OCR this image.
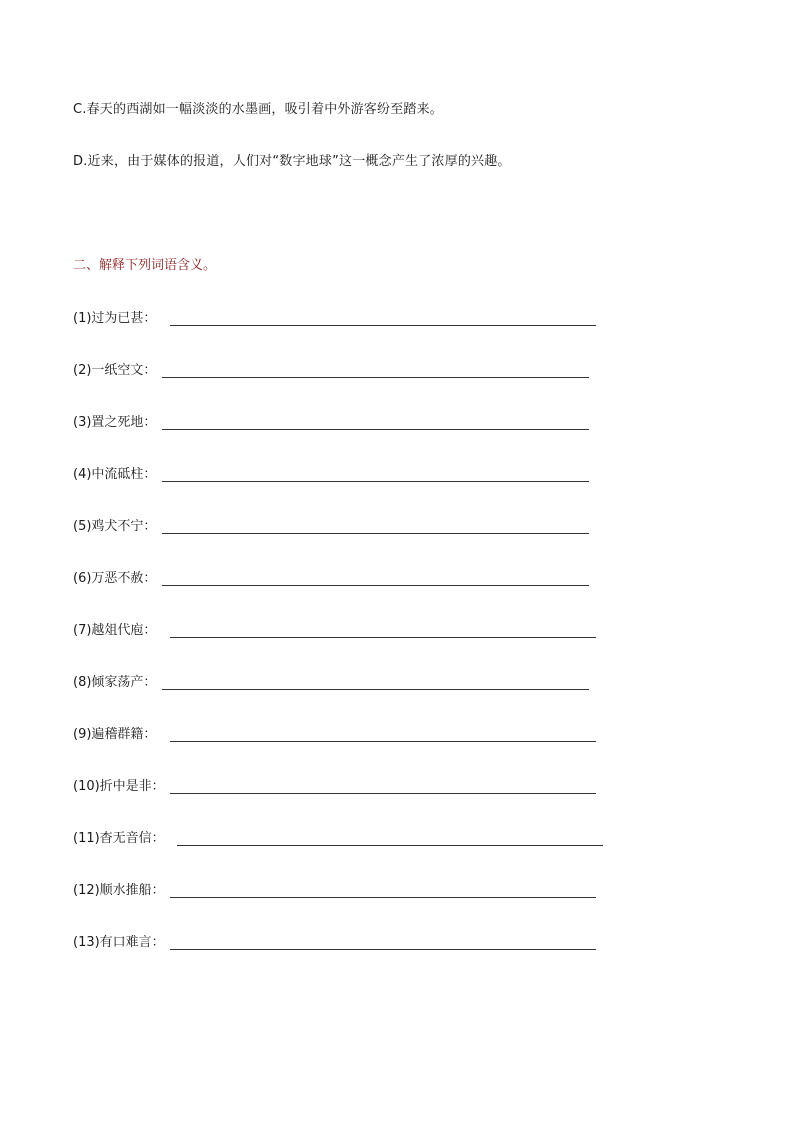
C.春天的西湖如一幅淡淡的水墨画，吸引着中外游客纷至踏来。
D.近来，由于媒体的报道，人们对“数字地球”这一概念产生了浓厚的兴趣。
二、解释下列词语含义。
(1)过为已甚：
(2)一纸空文：
(3)置之死地：
(4)中流砥柱：
(5)鸡犬不宁：
(6)万恶不赦：
(7)越俎代庖：
(8)倾家荡产：
(9)遍稽群籍：
(10)折中是非：
(11)杳无音信：
(12)顺水推船：
(13)有口难言：
